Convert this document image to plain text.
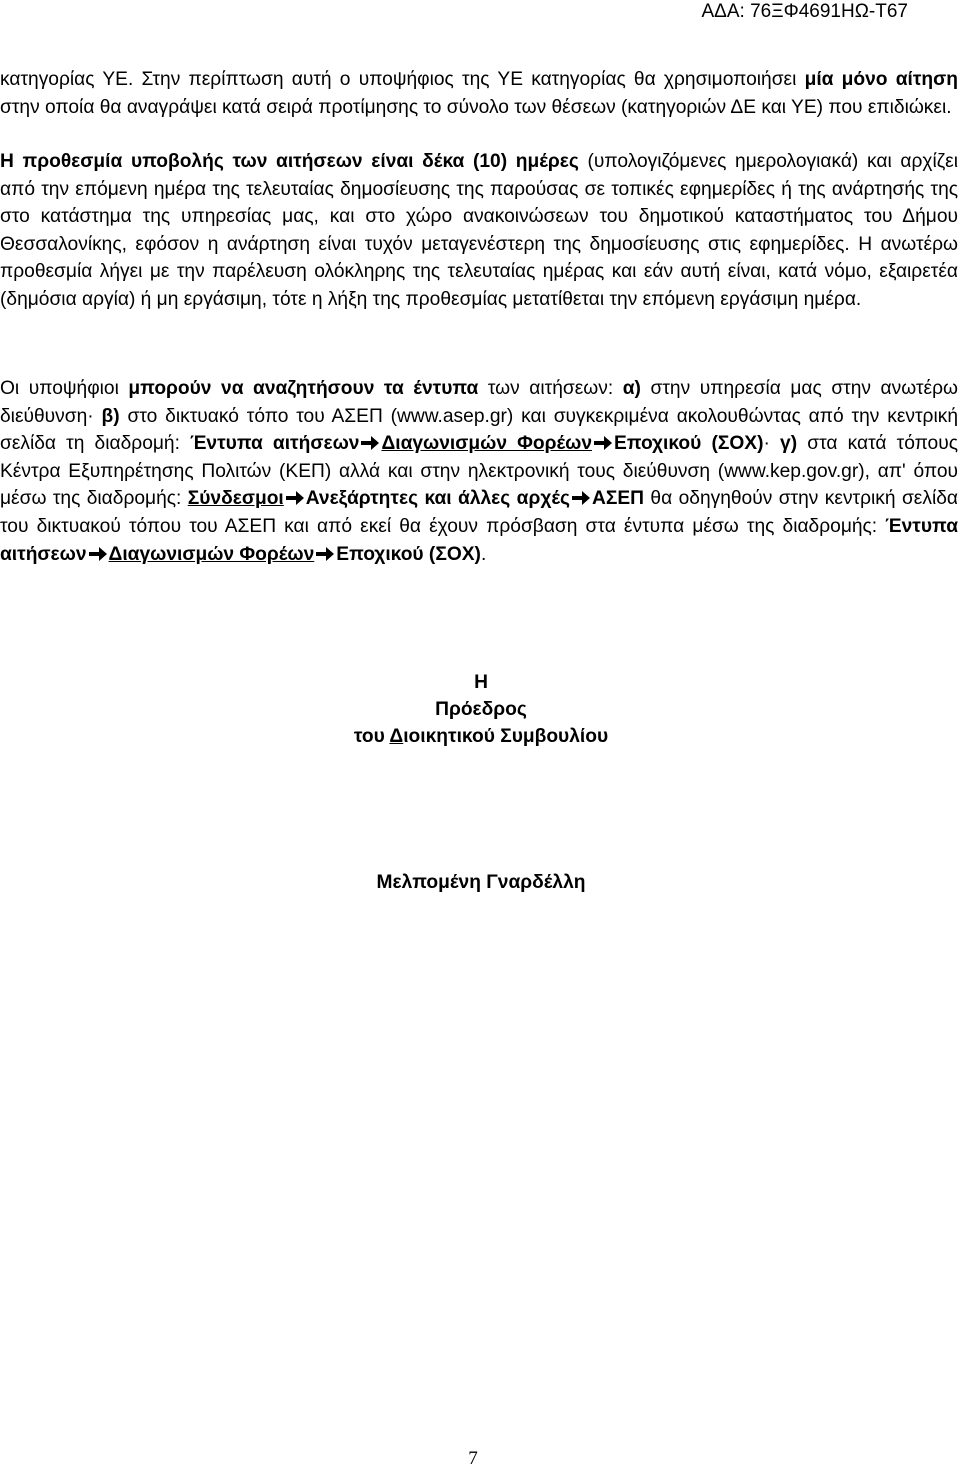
ΑΔΑ: 76ΞΦ4691ΗΩ-Τ67

κατηγορίας ΥΕ. Στην περίπτωση αυτή ο υποψήφιος της ΥΕ κατηγορίας θα χρησιμοποιήσει μία μόνο αίτηση στην οποία θα αναγράψει κατά σειρά προτίμησης το σύνολο των θέσεων (κατηγοριών ΔΕ και ΥΕ) που επιδιώκει.

Η προθεσμία υποβολής των αιτήσεων είναι δέκα (10) ημέρες (υπολογιζόμενες ημερολογιακά) και αρχίζει από την επόμενη ημέρα της τελευταίας δημοσίευσης της παρούσας σε τοπικές εφημερίδες ή της ανάρτησής της στο κατάστημα της υπηρεσίας μας, και στο χώρο ανακοινώσεων του δημοτικού καταστήματος του Δήμου Θεσσαλονίκης, εφόσον η ανάρτηση είναι τυχόν μεταγενέστερη της δημοσίευσης στις εφημερίδες. Η ανωτέρω προθεσμία λήγει με την παρέλευση ολόκληρης της τελευταίας ημέρας και εάν αυτή είναι, κατά νόμο, εξαιρετέα (δημόσια αργία) ή μη εργάσιμη, τότε η λήξη της προθεσμίας μετατίθεται την επόμενη εργάσιμη ημέρα.

Οι υποψήφιοι μπορούν να αναζητήσουν τα έντυπα των αιτήσεων: α) στην υπηρεσία μας στην ανωτέρω διεύθυνση· β) στο δικτυακό τόπο του ΑΣΕΠ (www.asep.gr) και συγκεκριμένα ακολουθώντας από την κεντρική σελίδα τη διαδρομή: Έντυπα αιτήσεων Διαγωνισμών Φορέων Εποχικού (ΣΟΧ)· γ) στα κατά τόπους Κέντρα Εξυπηρέτησης Πολιτών (ΚΕΠ) αλλά και στην ηλεκτρονική τους διεύθυνση (www.kep.gov.gr), απ' όπου μέσω της διαδρομής: Σύνδεσμοι Ανεξάρτητες και άλλες αρχές ΑΣΕΠ θα οδηγηθούν στην κεντρική σελίδα του δικτυακού τόπου του ΑΣΕΠ και από εκεί θα έχουν πρόσβαση στα έντυπα μέσω της διαδρομής: Έντυπα αιτήσεων Διαγωνισμών Φορέων Εποχικού (ΣΟΧ).

Η
Πρόεδρος
του Διοικητικού Συμβουλίου
Μελπομένη Γναρδέλλη
7
